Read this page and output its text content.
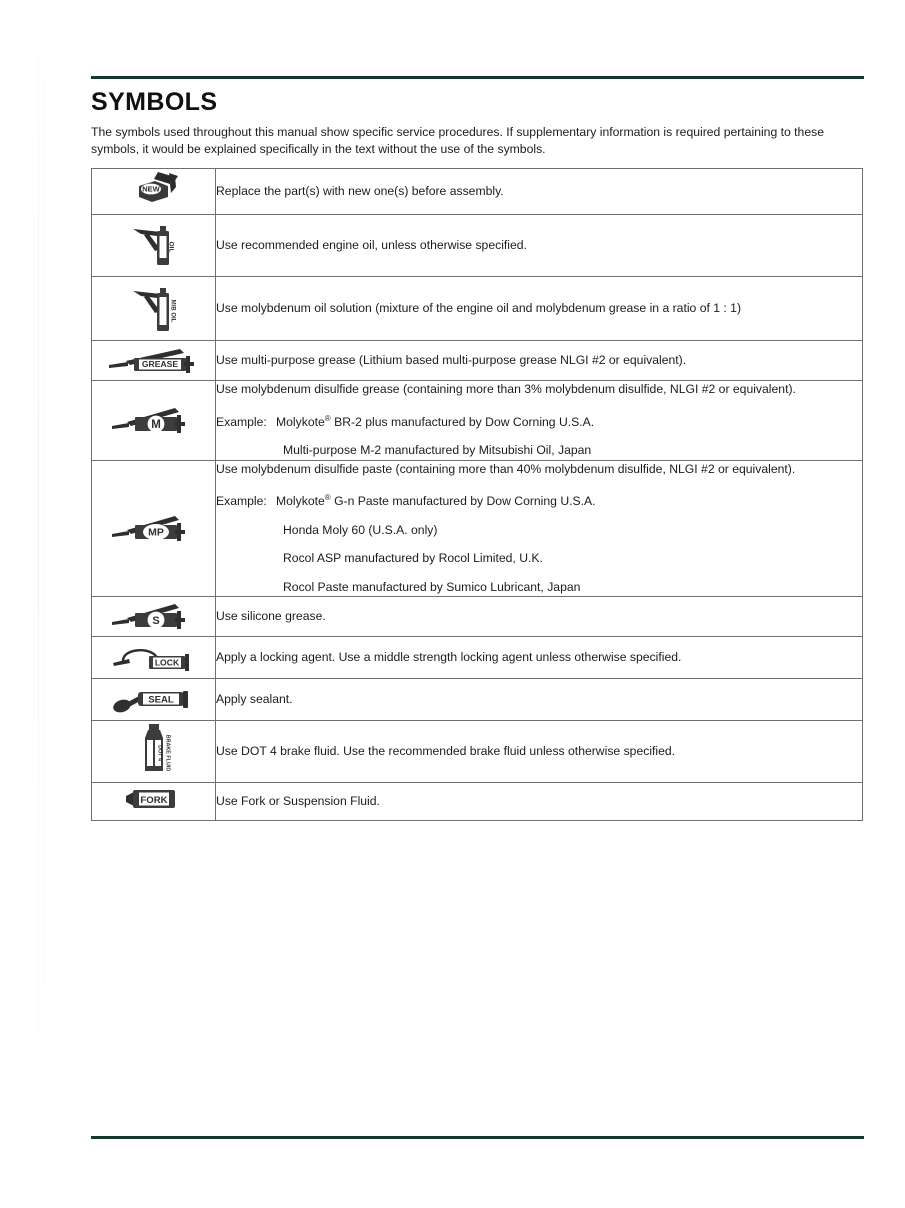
SYMBOLS
The symbols used throughout this manual show specific service procedures. If supplementary information is required pertaining to these symbols, it would be explained specifically in the text without the use of the symbols.
NEW	Replace the part(s) with new one(s) before assembly.

OIL	Use recommended engine oil, unless otherwise specified.

M/B OIL	Use molybdenum oil solution (mixture of the engine oil and molybdenum grease in a ratio of 1 : 1)

GREASE	Use multi-purpose grease (Lithium based multi-purpose grease NLGI #2 or equivalent).

M	Use molybdenum disulfide grease (containing more than 3% molybdenum disulfide, NLGI #2 or equivalent).

Example: Molykote® BR-2 plus manufactured by Dow Corning U.S.A.
Multi-purpose M-2 manufactured by Mitsubishi Oil, Japan

MP	Use molybdenum disulfide paste (containing more than 40% molybdenum disulfide, NLGI #2 or equivalent).

Example: Molykote® G-n Paste manufactured by Dow Corning U.S.A.
Honda Moly 60 (U.S.A. only)
Rocol ASP manufactured by Rocol Limited, U.K.
Rocol Paste manufactured by Sumico Lubricant, Japan

S	Use silicone grease.

LOCK	Apply a locking agent. Use a middle strength locking agent unless otherwise specified.

SEAL	Apply sealant.

DOT 4 BRAKE FLUID	Use DOT 4 brake fluid. Use the recommended brake fluid unless otherwise specified.

FORK	Use Fork or Suspension Fluid.
